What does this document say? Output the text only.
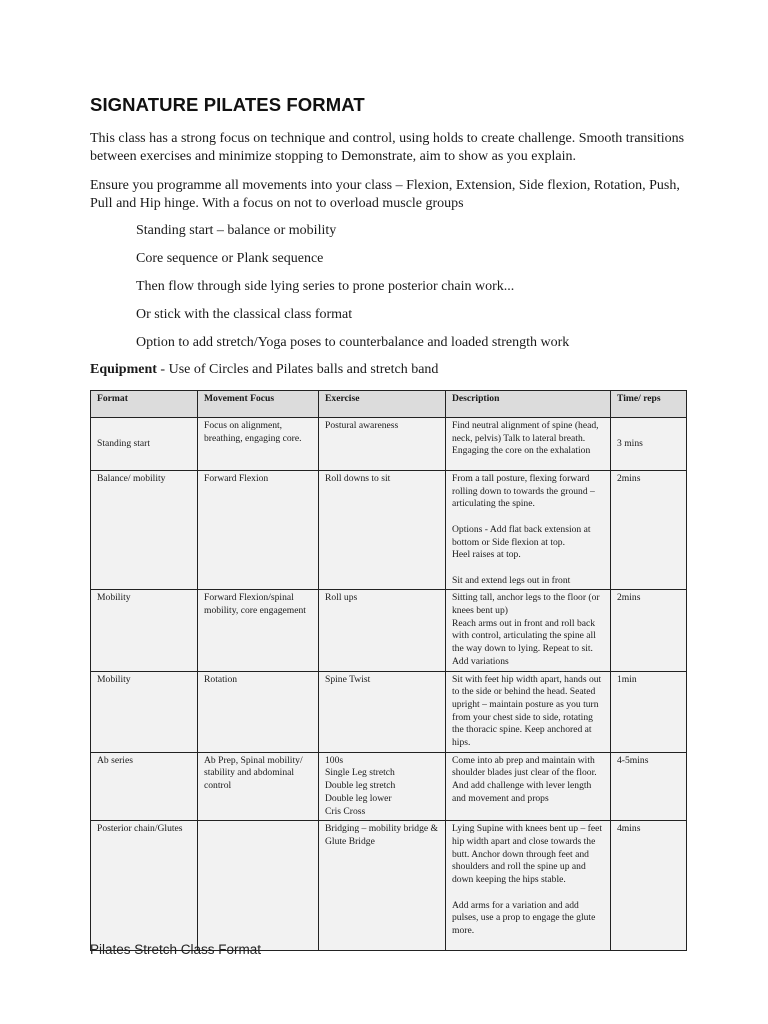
SIGNATURE PILATES FORMAT

This class has a strong focus on technique and control, using holds to create challenge. Smooth transitions between exercises and minimize stopping to Demonstrate, aim to show as you explain.

Ensure you programme all movements into your class – Flexion, Extension, Side flexion, Rotation, Push, Pull and Hip hinge. With a focus on not to overload muscle groups

Standing start – balance or mobility

Core sequence or Plank sequence

Then flow through side lying series to prone posterior chain work...

Or stick with the classical class format

Option to add stretch/Yoga poses to counterbalance and loaded strength work

Equipment - Use of Circles and Pilates balls and stretch band

Format	Movement Focus	Exercise	Description	Time/ reps
Standing start	Focus on alignment, breathing, engaging core.	Postural awareness	Find neutral alignment of spine (head, neck, pelvis) Talk to lateral breath. Engaging the core on the exhalation	3 mins
Balance/ mobility	Forward Flexion	Roll downs to sit	From a tall posture, flexing forward rolling down to towards the ground – articulating the spine.

Options - Add flat back extension at bottom or Side flexion at top.
Heel raises at top.

Sit and extend legs out in front	2mins
Mobility	Forward Flexion/spinal mobility, core engagement	Roll ups	Sitting tall, anchor legs to the floor (or knees bent up)
Reach arms out in front and roll back with control, articulating the spine all the way down to lying. Repeat to sit.
Add variations	2mins
Mobility	Rotation	Spine Twist	Sit with feet hip width apart, hands out to the side or behind the head. Seated upright – maintain posture as you turn from your chest side to side, rotating the thoracic spine. Keep anchored at hips.	1min
Ab series	Ab Prep, Spinal mobility/ stability and abdominal control	100s
Single Leg stretch
Double leg stretch
Double leg lower
Cris Cross	Come into ab prep and maintain with shoulder blades just clear of the floor.
And add challenge with lever length and movement and props	4-5mins
Posterior chain/Glutes		Bridging – mobility bridge & Glute Bridge	Lying Supine with knees bent up – feet hip width apart and close towards the butt. Anchor down through feet and shoulders and roll the spine up and down keeping the hips stable.

Add arms for a variation and add pulses, use a prop to engage the glute more.	4mins

Pilates Stretch Class Format
